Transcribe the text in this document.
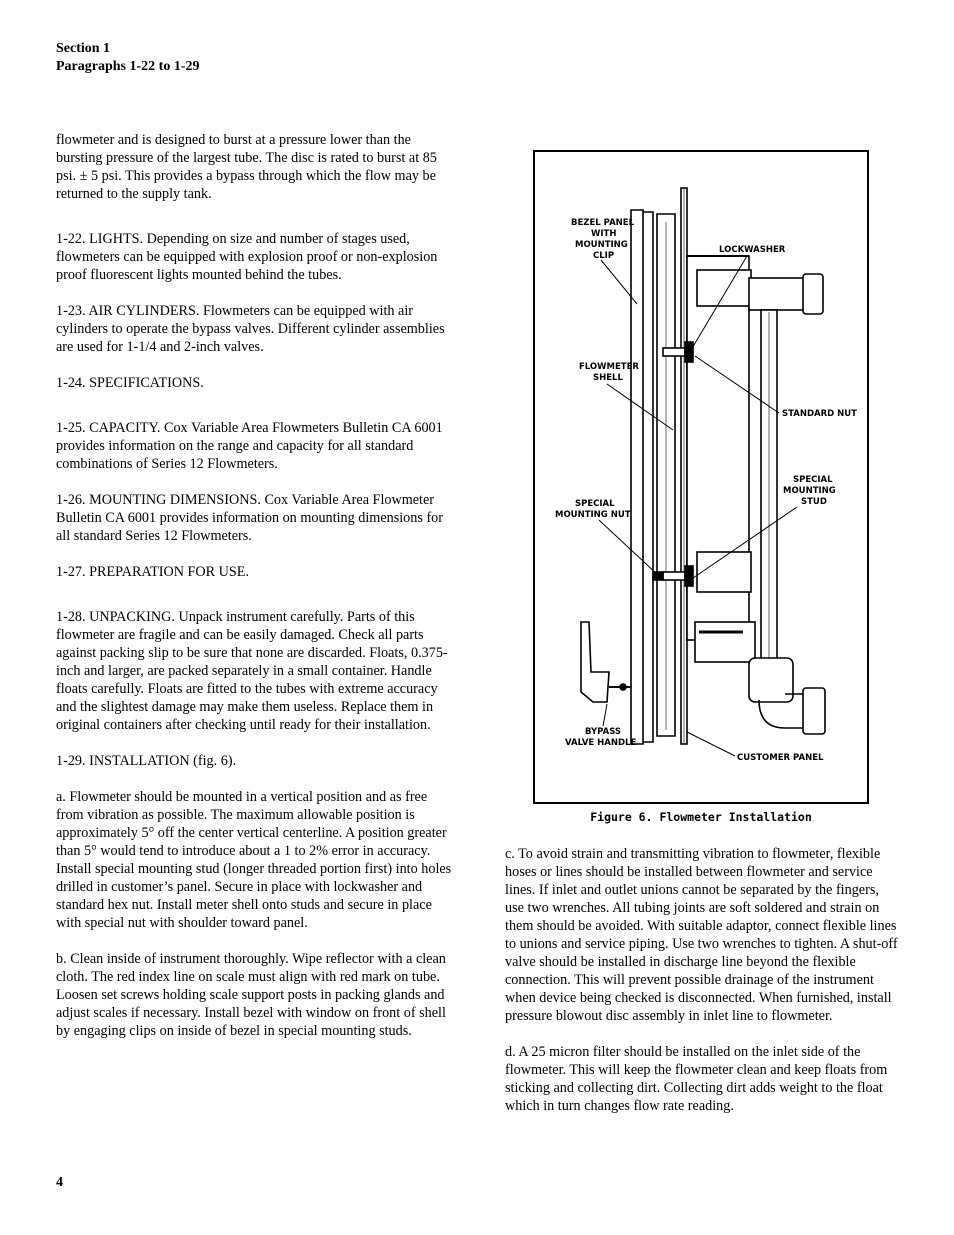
Section 1
Paragraphs 1-22 to 1-29

flowmeter and is designed to burst at a pressure lower than the bursting pressure of the largest tube. The disc is rated to burst at 85 psi. ± 5 psi. This provides a bypass through which the flow may be returned to the supply tank.

1-22. LIGHTS. Depending on size and number of stages used, flowmeters can be equipped with explosion proof or non-explosion proof fluorescent lights mounted behind the tubes.

1-23. AIR CYLINDERS. Flowmeters can be equipped with air cylinders to operate the bypass valves. Different cylinder assemblies are used for 1-1/4 and 2-inch valves.

1-24. SPECIFICATIONS.

1-25. CAPACITY. Cox Variable Area Flowmeters Bulletin CA 6001 provides information on the range and capacity for all standard combinations of Series 12 Flowmeters.

1-26. MOUNTING DIMENSIONS. Cox Variable Area Flowmeter Bulletin CA 6001 provides information on mounting dimensions for all standard Series 12 Flowmeters.

1-27. PREPARATION FOR USE.

1-28. UNPACKING. Unpack instrument carefully. Parts of this flowmeter are fragile and can be easily damaged. Check all parts against packing slip to be sure that none are discarded. Floats, 0.375-inch and larger, are packed separately in a small container. Handle floats carefully. Floats are fitted to the tubes with extreme accuracy and the slightest damage may make them useless. Replace them in original containers after checking until ready for their installation.

1-29. INSTALLATION (fig. 6).

a. Flowmeter should be mounted in a vertical position and as free from vibration as possible. The maximum allowable position is approximately 5° off the center vertical centerline. A position greater than 5° would tend to introduce about a 1 to 2% error in accuracy. Install special mounting stud (longer threaded portion first) into holes drilled in customer’s panel. Secure in place with lockwasher and standard hex nut. Install meter shell onto studs and secure in place with special nut with shoulder toward panel.

b. Clean inside of instrument thoroughly. Wipe reflector with a clean cloth. The red index line on scale must align with red mark on tube. Loosen set screws holding scale support posts in packing glands and adjust scales if necessary. Install bezel with window on front of shell by engaging clips on inside of bezel in special mounting studs.

BEZEL PANEL
WITH
MOUNTING
CLIP
LOCKWASHER
FLOWMETER
SHELL
STANDARD NUT
SPECIAL
MOUNTING
STUD
SPECIAL
MOUNTING NUT
BYPASS
VALVE HANDLE
CUSTOMER PANEL
Figure 6. Flowmeter Installation

c. To avoid strain and transmitting vibration to flowmeter, flexible hoses or lines should be installed between flowmeter and service lines. If inlet and outlet unions cannot be separated by the fingers, use two wrenches. All tubing joints are soft soldered and strain on them should be avoided. With suitable adaptor, connect flexible lines to unions and service piping. Use two wrenches to tighten. A shut-off valve should be installed in discharge line beyond the flexible connection. This will prevent possible drainage of the instrument when device being checked is disconnected. When furnished, install pressure blowout disc assembly in inlet line to flowmeter.

d. A 25 micron filter should be installed on the inlet side of the flowmeter. This will keep the flowmeter clean and keep floats from sticking and collecting dirt. Collecting dirt adds weight to the float which in turn changes flow rate reading.

4
